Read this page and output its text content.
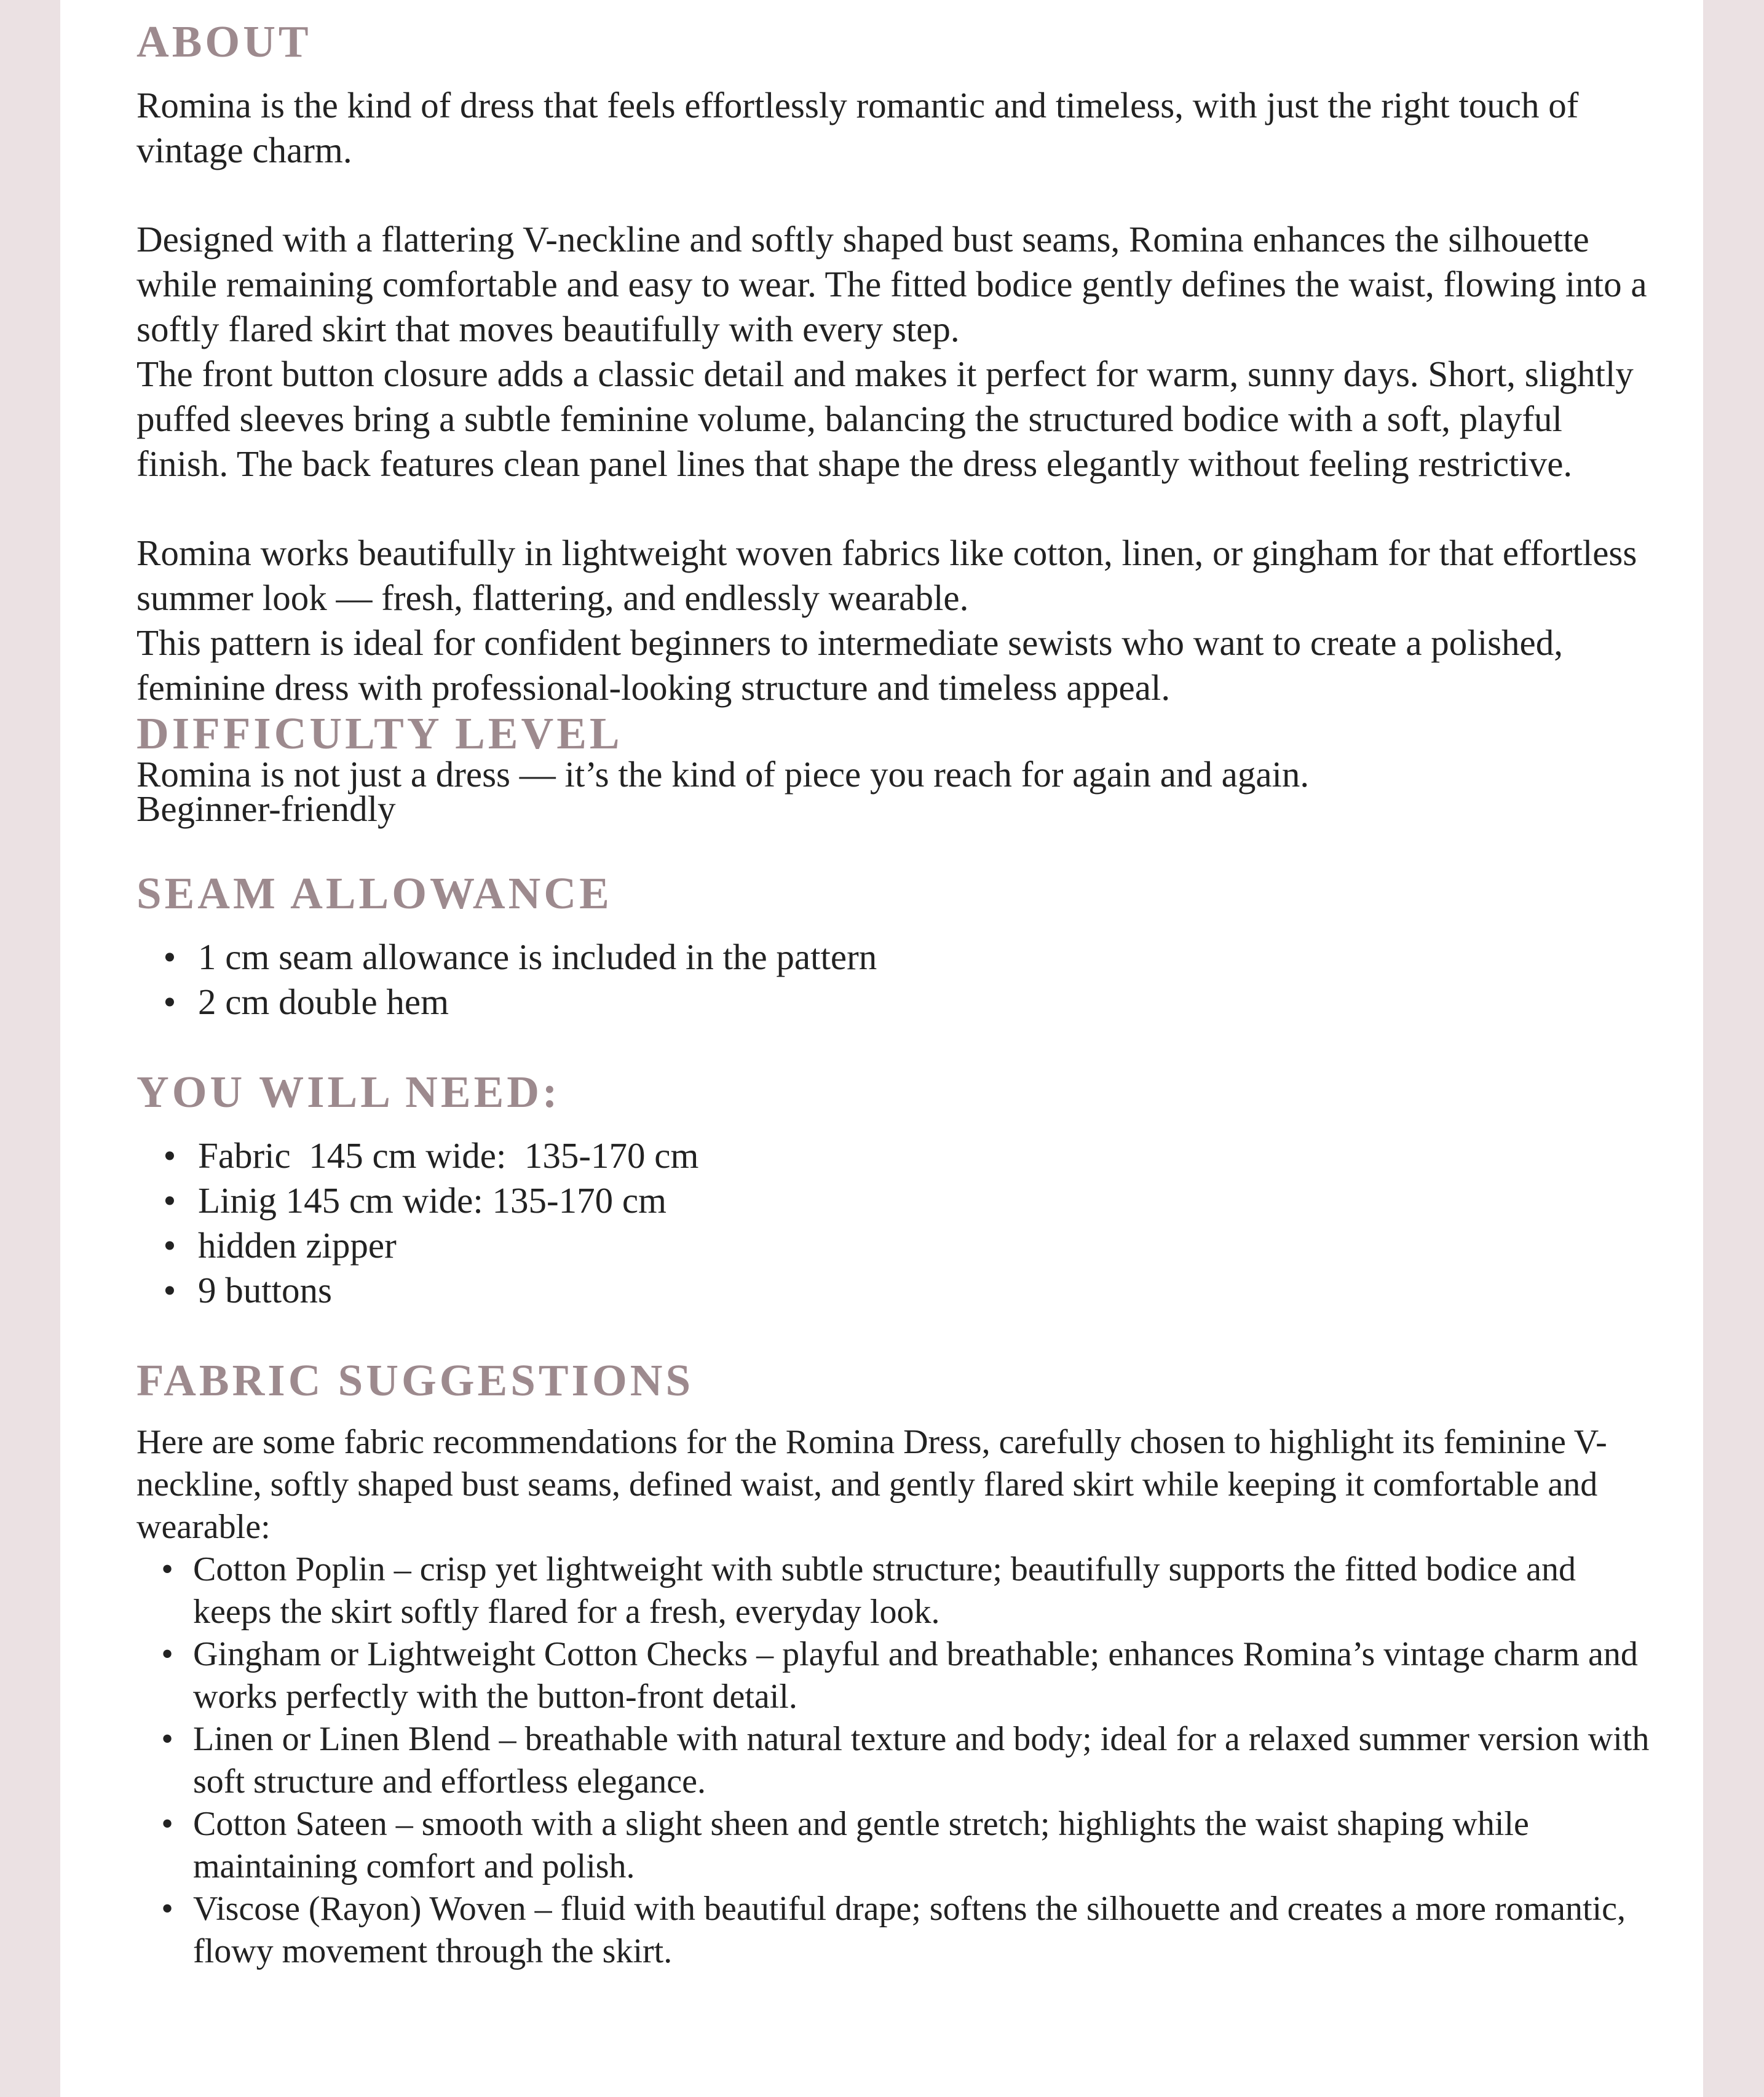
ABOUT

Romina is the kind of dress that feels effortlessly romantic and timeless, with just the right touch of vintage charm.

Designed with a flattering V-neckline and softly shaped bust seams, Romina enhances the silhouette while remaining comfortable and easy to wear. The fitted bodice gently defines the waist, flowing into a softly flared skirt that moves beautifully with every step.

The front button closure adds a classic detail and makes it perfect for warm, sunny days. Short, slightly puffed sleeves bring a subtle feminine volume, balancing the structured bodice with a soft, playful finish. The back features clean panel lines that shape the dress elegantly without feeling restrictive.

Romina works beautifully in lightweight woven fabrics like cotton, linen, or gingham for that effortless summer look — fresh, flattering, and endlessly wearable.

This pattern is ideal for confident beginners to intermediate sewists who want to create a polished, feminine dress with professional-looking structure and timeless appeal.

DIFFICULTY LEVEL

Romina is not just a dress — it’s the kind of piece you reach for again and again.

Beginner-friendly

SEAM ALLOWANCE
• 1 cm seam allowance is included in the pattern
• 2 cm double hem
YOU WILL NEED:
• Fabric  145 cm wide:  135-170 cm
• Linig 145 cm wide: 135-170 cm
• hidden zipper
• 9 buttons
FABRIC SUGGESTIONS

Here are some fabric recommendations for the Romina Dress, carefully chosen to highlight its feminine V-neckline, softly shaped bust seams, defined waist, and gently flared skirt while keeping it comfortable and wearable:

• Cotton Poplin – crisp yet lightweight with subtle structure; beautifully supports the fitted bodice and keeps the skirt softly flared for a fresh, everyday look.
• Gingham or Lightweight Cotton Checks – playful and breathable; enhances Romina’s vintage charm and works perfectly with the button-front detail.
• Linen or Linen Blend – breathable with natural texture and body; ideal for a relaxed summer version with soft structure and effortless elegance.
• Cotton Sateen – smooth with a slight sheen and gentle stretch; highlights the waist shaping while maintaining comfort and polish.
• Viscose (Rayon) Woven – fluid with beautiful drape; softens the silhouette and creates a more romantic, flowy movement through the skirt.
